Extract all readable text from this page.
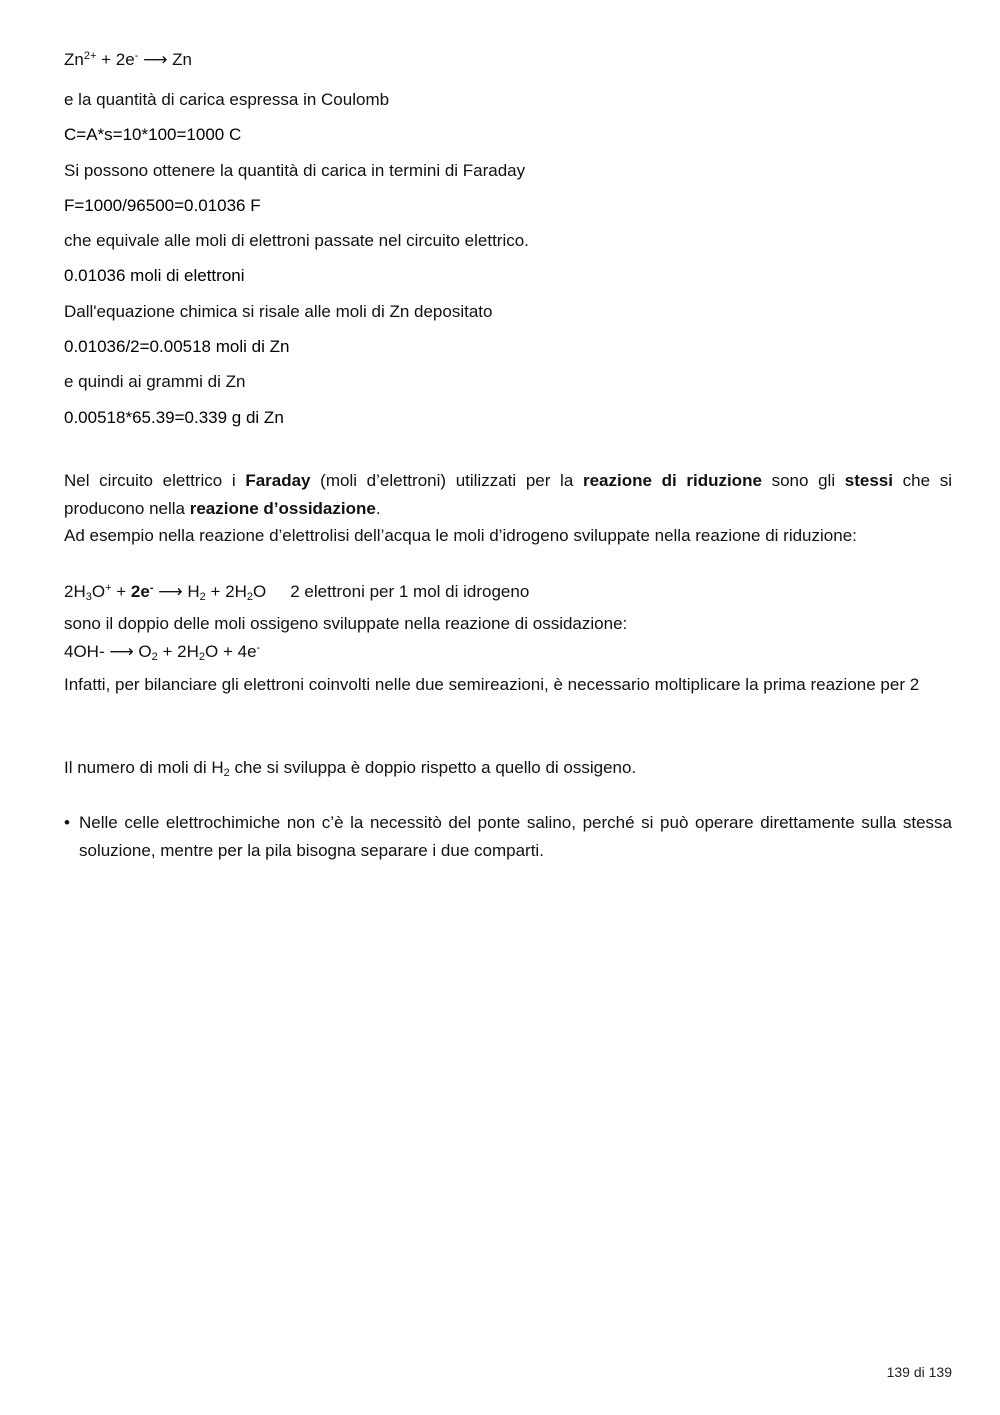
$Zn^{2+} + 2e^-$ ⟶ Zn
e la quantità di carica espressa in Coulomb
C=A*s=10*100=1000 C
Si possono ottenere la quantità di carica in termini di Faraday
F=1000/96500=0.01036 F
che equivale alle moli di elettroni passate nel circuito elettrico.
0.01036 moli di elettroni
Dall'equazione chimica si risale alle moli di Zn depositato
0.01036/2=0.00518 moli di Zn
e quindi ai grammi di Zn
0.00518*65.39=0.339 g di Zn
Nel circuito elettrico i Faraday (moli d’elettroni) utilizzati per la reazione di riduzione sono gli stessi che si producono nella reazione d’ossidazione.
Ad esempio nella reazione d’elettrolisi dell’acqua le moli d’idrogeno sviluppate nella reazione di riduzione:
$2H_3O^+ + 2e^-$ ⟶ $H_2 + 2H_2O$ 2 elettroni per 1 mol di idrogeno
sono il doppio delle moli ossigeno sviluppate nella reazione di ossidazione:
4OH- ⟶ $O_2 + 2H_2O + 4e^-$
Infatti, per bilanciare gli elettroni coinvolti nelle due semireazioni, è necessario moltiplicare la prima reazione per 2
Il numero di moli di $H_2$ che si sviluppa è doppio rispetto a quello di ossigeno.
• Nelle celle elettrochimiche non c’è la necessitò del ponte salino, perché si può operare direttamente sulla stessa soluzione, mentre per la pila bisogna separare i due comparti.
139 di 139
